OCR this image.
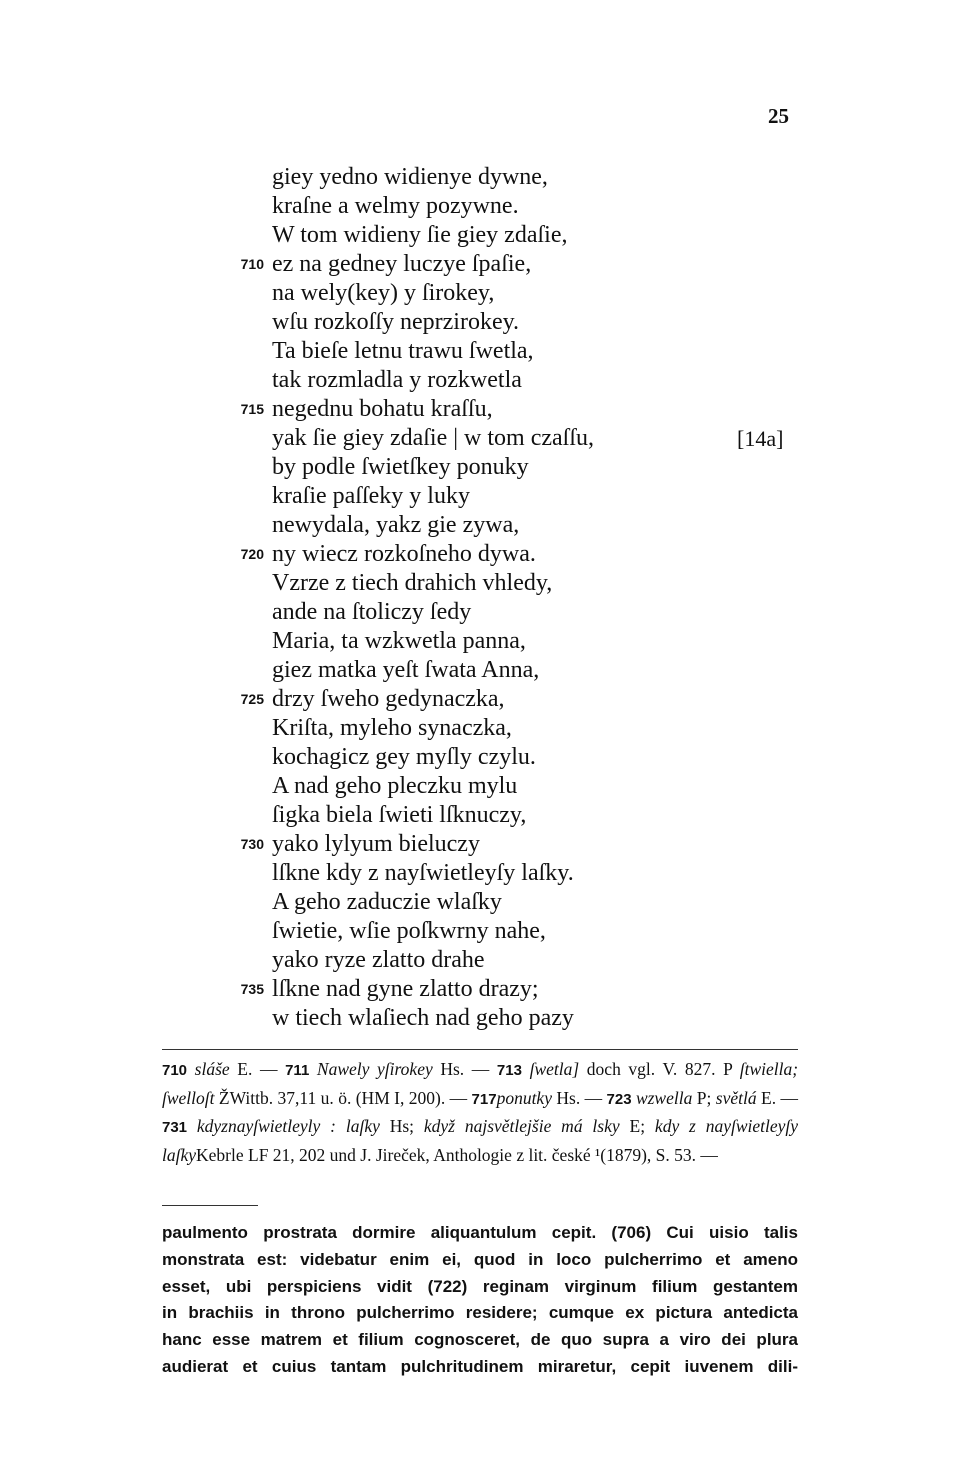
25
giey yedno widienye dywne,
kraſne a welmy pozywne.
W tom widieny ſie giey zdaſie,
710 ez na gedney luczye ſpaſie,
na wely(key) y ſirokey,
wſu rozkoſſy neprzirokey.
Ta bieſe letnu trawu ſwetla,
tak rozmladla y rozkwetla
715 negednu bohatu kraſſu,
yak ſie giey zdaſie | w tom czaſſu,	[14a]
by podle ſwietſkey ponuky
kraſie paſſeky y luky
newydala, yakz gie zywa,
720 ny wiecz rozkoſneho dywa.
Vzrze z tiech drahich vhledy,
ande na ſtoliczy ſedy
Maria, ta wzkwetla panna,
giez matka yeſt ſwata Anna,
725 drzy ſweho gedynaczka,
Kriſta, myleho synaczka,
kochagicz gey myſly czylu.
A nad geho pleczku mylu
ſigka biela ſwieti lſknuczy,
730 yako lylyum bieluczy
lſkne kdy z nayſwietleyſy laſky.
A geho zaduczie wlaſky
ſwietie, wſie poſkwrny nahe,
yako ryze zlatto drahe
735 lſkne nad gyne zlatto drazy;
w tiech wlaſiech nad geho pazy
710 sláše E. — 711 Nawely yſirokey Hs. — 713 ſwetla] doch vgl. V. 827. P ſtwiella; ſwelloſt ŽWittb. 37,11 u. ö. (HM I, 200). — 717ponutky Hs. — 723 wzwella P; světlá E. — 731 kdyznayſwietleyly : laſky Hs; když najsvětlejšie má lsky E; kdy z nayſwietleyſy laſkyKebrle LF 21, 202 und J. Jireček, Anthologie z lit. české ¹(1879), S. 53. —
paulmento prostrata dormire aliquantulum cepit. (706) Cui uisio talis
monstrata est: videbatur enim ei, quod in loco pulcherrimo et ameno
esset, ubi perspiciens vidit (722) reginam virginum filium gestantem
in brachiis in throno pulcherrimo residere; cumque ex pictura antedicta
hanc esse matrem et filium cognosceret, de quo supra a viro dei plura
audierat et cuius tantam pulchritudinem miraretur, cepit iuvenem dili-
